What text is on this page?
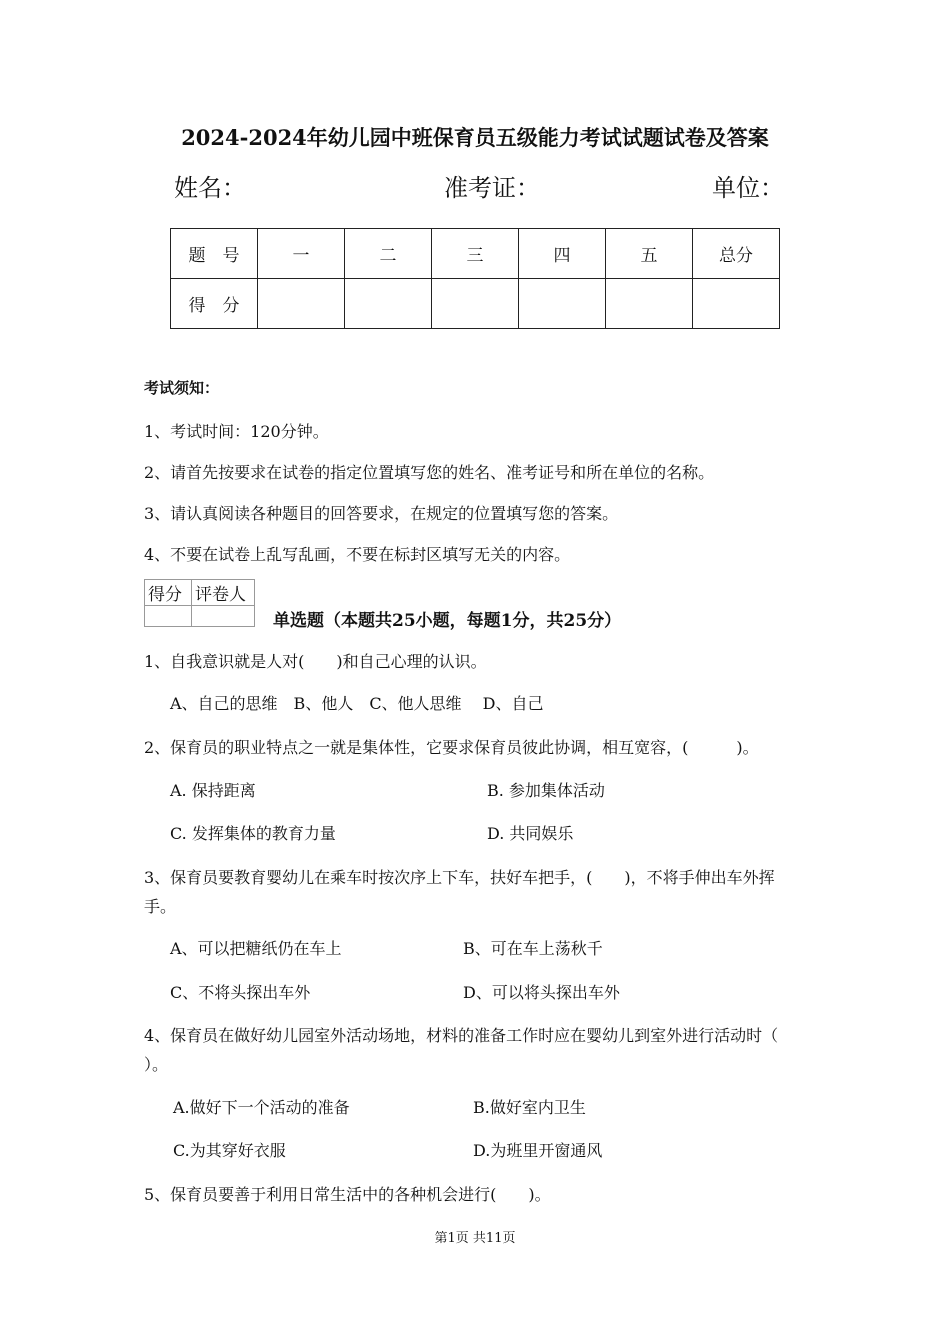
2024-2024年幼儿园中班保育员五级能力考试试题试卷及答案
姓名：	准考证：	单位：
题　号	一	二	三	四	五	总分
得　分						
考试须知：
1、考试时间：120分钟。
2、请首先按要求在试卷的指定位置填写您的姓名、准考证号和所在单位的名称。
3、请认真阅读各种题目的回答要求，在规定的位置填写您的答案。
4、不要在试卷上乱写乱画，不要在标封区填写无关的内容。
得分	评卷人

单选题（本题共25小题，每题1分，共25分）
1、自我意识就是人对(　　)和自己心理的认识。
A、自己的思维　B、他人　C、他人思维　 D、自己
2、保育员的职业特点之一就是集体性，它要求保育员彼此协调，相互宽容，(　　　)。
A. 保持距离	B. 参加集体活动
C. 发挥集体的教育力量	D. 共同娱乐
3、保育员要教育婴幼儿在乘车时按次序上下车，扶好车把手，(　　)，不将手伸出车外挥
手。
A、可以把糖纸仍在车上	B、可在车上荡秋千
C、不将头探出车外	D、可以将头探出车外
4、保育员在做好幼儿园室外活动场地，材料的准备工作时应在婴幼儿到室外进行活动时（
）。
A.做好下一个活动的准备	B.做好室内卫生
C.为其穿好衣服	D.为班里开窗通风
5、保育员要善于利用日常生活中的各种机会进行(　　)。
第1页 共11页
